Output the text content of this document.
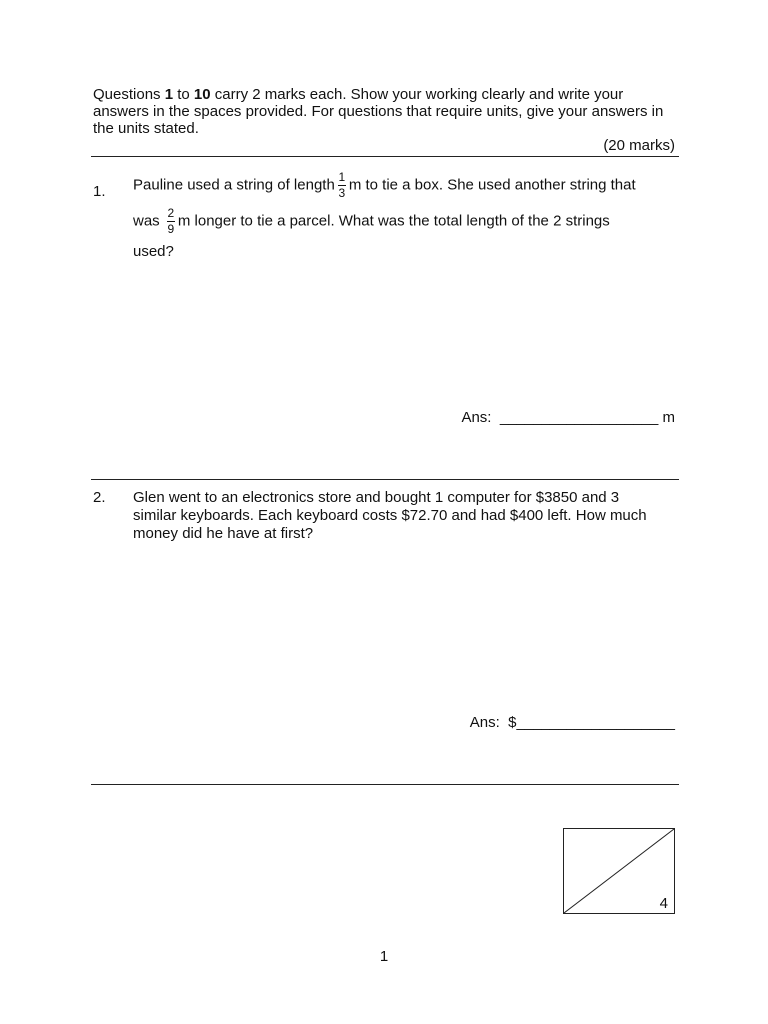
Questions 1 to 10 carry 2 marks each. Show your working clearly and write your answers in the spaces provided. For questions that require units, give your answers in the units stated.
(20 marks)
1. Pauline used a string of length $\frac{1}{3}$ m to tie a box. She used another string that
was $\frac{2}{9}$ m longer to tie a parcel. What was the total length of the 2 strings
used?
Ans: ___________________ m
2. Glen went to an electronics store and bought 1 computer for $3850 and 3
similar keyboards. Each keyboard costs $72.70 and had $400 left. How much
money did he have at first?
Ans: $___________________
4
1
